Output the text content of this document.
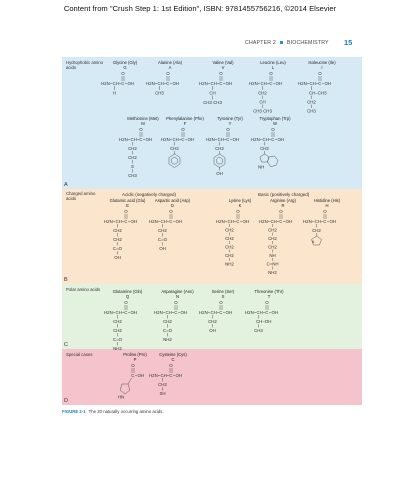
Content from "Crush Step 1: 1st Edition", ISBN: 9781455756216, ©2014 Elsevier
CHAPTER 2 BIOCHEMISTRY 15
Hydrophobic amino acids
A
Charged amino acids
Acidic (negatively charged)	Basic (positively charged)
B
Polar amino acids
C
Special cases
D
Glycine (Gly)
G
O
H2N CH C OH
H
Alanine (Ala)
A
O
H2N CH C OH
CH3
Valine (Val)
V
O
H2N CH C OH
CH
CH3 CH3
Leucine (Leu)
L
O
H2N CH C OH
CH2
CH
CH3 CH3
Isoleucine (Ile)
I
O
H2N CH C OH
CH–CH3
CH2
CH3
Methionine (Met)
M
O
H2N CH C OH
CH2
CH2
S
CH3
Phenylalanine (Phe)
F
O
H2N CH C OH
CH2
Tyrosine (Tyr)
Y
O
H2N CH C OH
CH2
OH
Tryptophan (Trp)
W
O
H2N CH C OH
CH2
NH
Glutamic acid (Glu)
E
O
H2N CH C OH
CH2
CH2
C=O
OH
Aspartic acid (Asp)
D
O
H2N CH C OH
CH2
C=O
OH
Lysine (Lys)
K
O
H2N CH C OH
CH2
CH2
CH2
CH2
NH2
Arginine (Arg)
R
O
H2N CH C OH
CH2
CH2
CH2
NH
C=NH
NH2
Histidine (His)
H
O
H2N CH C OH
CH2
N
Glutamine (Gln)
Q
O
H2N CH C OH
CH2
CH2
C=O
NH2
Asparagine (Asn)
N
O
H2N CH C OH
CH2
C=O
NH2
Serine (Ser)
S
O
H2N CH C OH
CH2
OH
Threonine (Thr)
T
O
H2N CH C OH
CH–OH
CH3
Proline (Pro)
P
O
C OH
HN
Cysteine (Cys)
C
O
H2N CH C OH
CH2
SH
FIGURE 2-1 The 20 naturally occurring amino acids.
